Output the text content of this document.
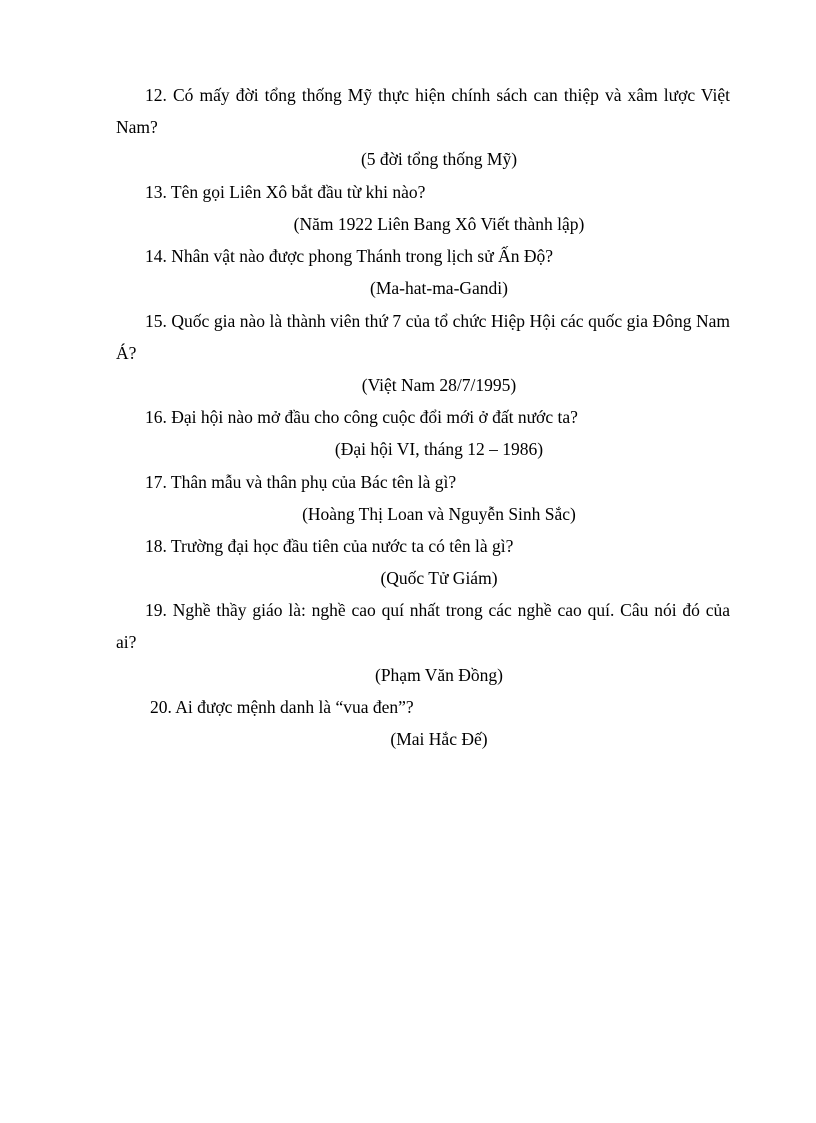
12. Có mấy đời tổng thống Mỹ thực hiện chính sách can thiệp và xâm lược Việt Nam?

(5 đời tổng thống Mỹ)

13. Tên gọi Liên Xô bắt đầu từ khi nào?

(Năm 1922 Liên Bang Xô Viết thành lập)

14. Nhân vật nào được phong Thánh trong lịch sử Ấn Độ?

(Ma-hat-ma-Gandi)

15. Quốc gia nào là thành viên thứ 7 của tổ chức Hiệp Hội các quốc gia Đông Nam Á?

(Việt Nam 28/7/1995)

16. Đại hội nào mở đầu cho công cuộc đổi mới ở đất nước ta?

(Đại hội VI, tháng 12 – 1986)

17. Thân mẫu và thân phụ của Bác tên là gì?

(Hoàng Thị Loan và Nguyễn Sinh Sắc)

18. Trường đại học đầu tiên của nước ta có tên là gì?

(Quốc Tử Giám)

19. Nghề thầy giáo là: nghề cao quí nhất trong các nghề cao quí. Câu nói đó của ai?

(Phạm Văn Đồng)

20. Ai được mệnh danh là “vua đen”?

(Mai Hắc Đế)
